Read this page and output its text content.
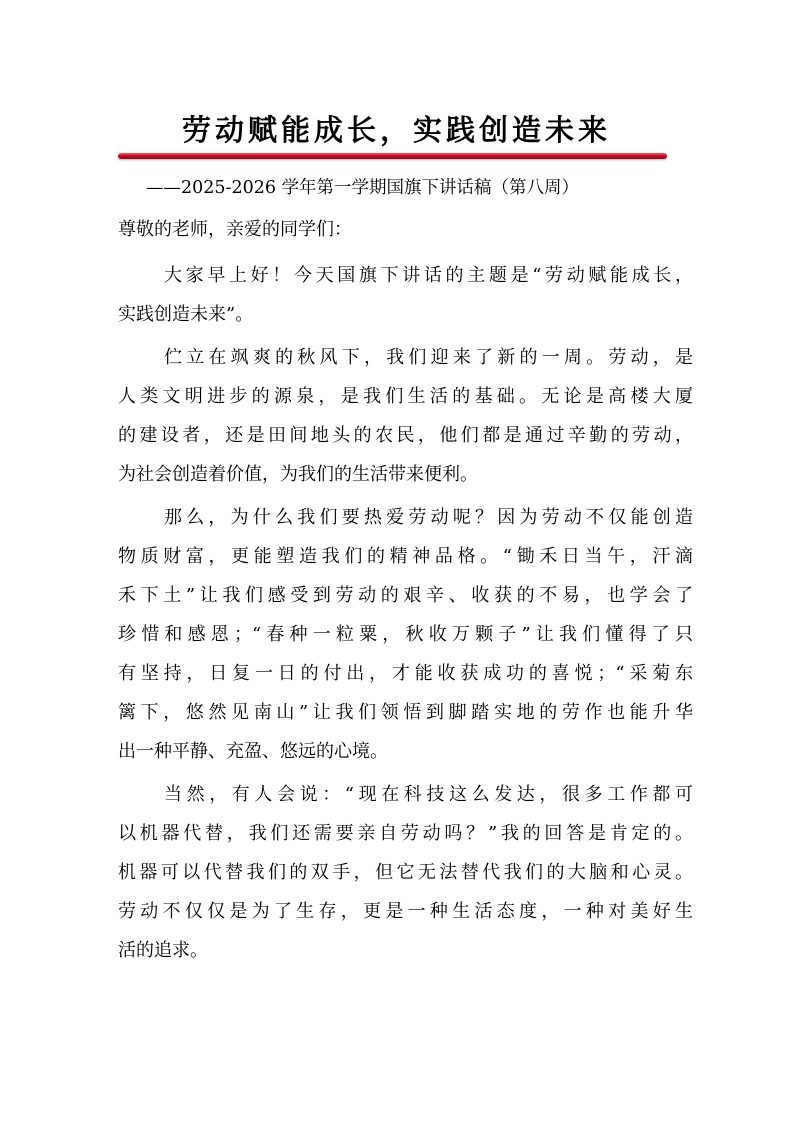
劳动赋能成长，实践创造未来
——2025-2026 学年第一学期国旗下讲话稿（第八周）
尊敬的老师，亲爱的同学们：
大家早上好！今天国旗下讲话的主题是“劳动赋能成长，
实践创造未来”。
伫立在飒爽的秋风下，我们迎来了新的一周。劳动，是
人类文明进步的源泉，是我们生活的基础。无论是高楼大厦
的建设者，还是田间地头的农民，他们都是通过辛勤的劳动，
为社会创造着价值，为我们的生活带来便利。
那么，为什么我们要热爱劳动呢？因为劳动不仅能创造
物质财富，更能塑造我们的精神品格。“锄禾日当午，汗滴
禾下土”让我们感受到劳动的艰辛、收获的不易，也学会了
珍惜和感恩；“春种一粒粟，秋收万颗子”让我们懂得了只
有坚持，日复一日的付出，才能收获成功的喜悦；“采菊东
篱下，悠然见南山”让我们领悟到脚踏实地的劳作也能升华
出一种平静、充盈、悠远的心境。
当然，有人会说：“现在科技这么发达，很多工作都可
以机器代替，我们还需要亲自劳动吗？”我的回答是肯定的。
机器可以代替我们的双手，但它无法替代我们的大脑和心灵。
劳动不仅仅是为了生存，更是一种生活态度，一种对美好生
活的追求。
